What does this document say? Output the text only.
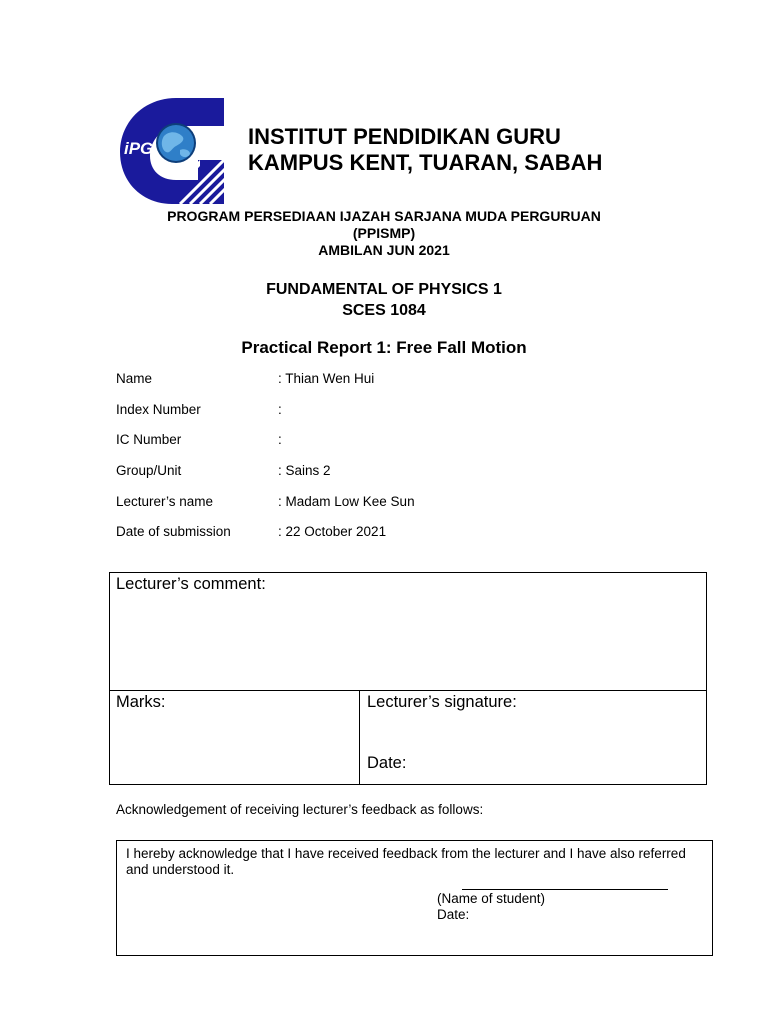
iPG	INSTITUT PENDIDIKAN GURU
KAMPUS KENT, TUARAN, SABAH
PROGRAM PERSEDIAAN IJAZAH SARJANA MUDA PERGURUAN
(PPISMP)
AMBILAN JUN 2021
FUNDAMENTAL OF PHYSICS 1
SCES 1084
Practical Report 1: Free Fall Motion
Name	: Thian Wen Hui
Index Number	:
IC Number	:
Group/Unit	: Sains 2
Lecturer’s name	: Madam Low Kee Sun
Date of submission	: 22 October 2021
Lecturer’s comment:
Marks:	Lecturer’s signature:
Date:
Acknowledgement of receiving lecturer’s feedback as follows:
I hereby acknowledge that I have received feedback from the lecturer and I have also referred and understood it.
(Name of student)
Date:
